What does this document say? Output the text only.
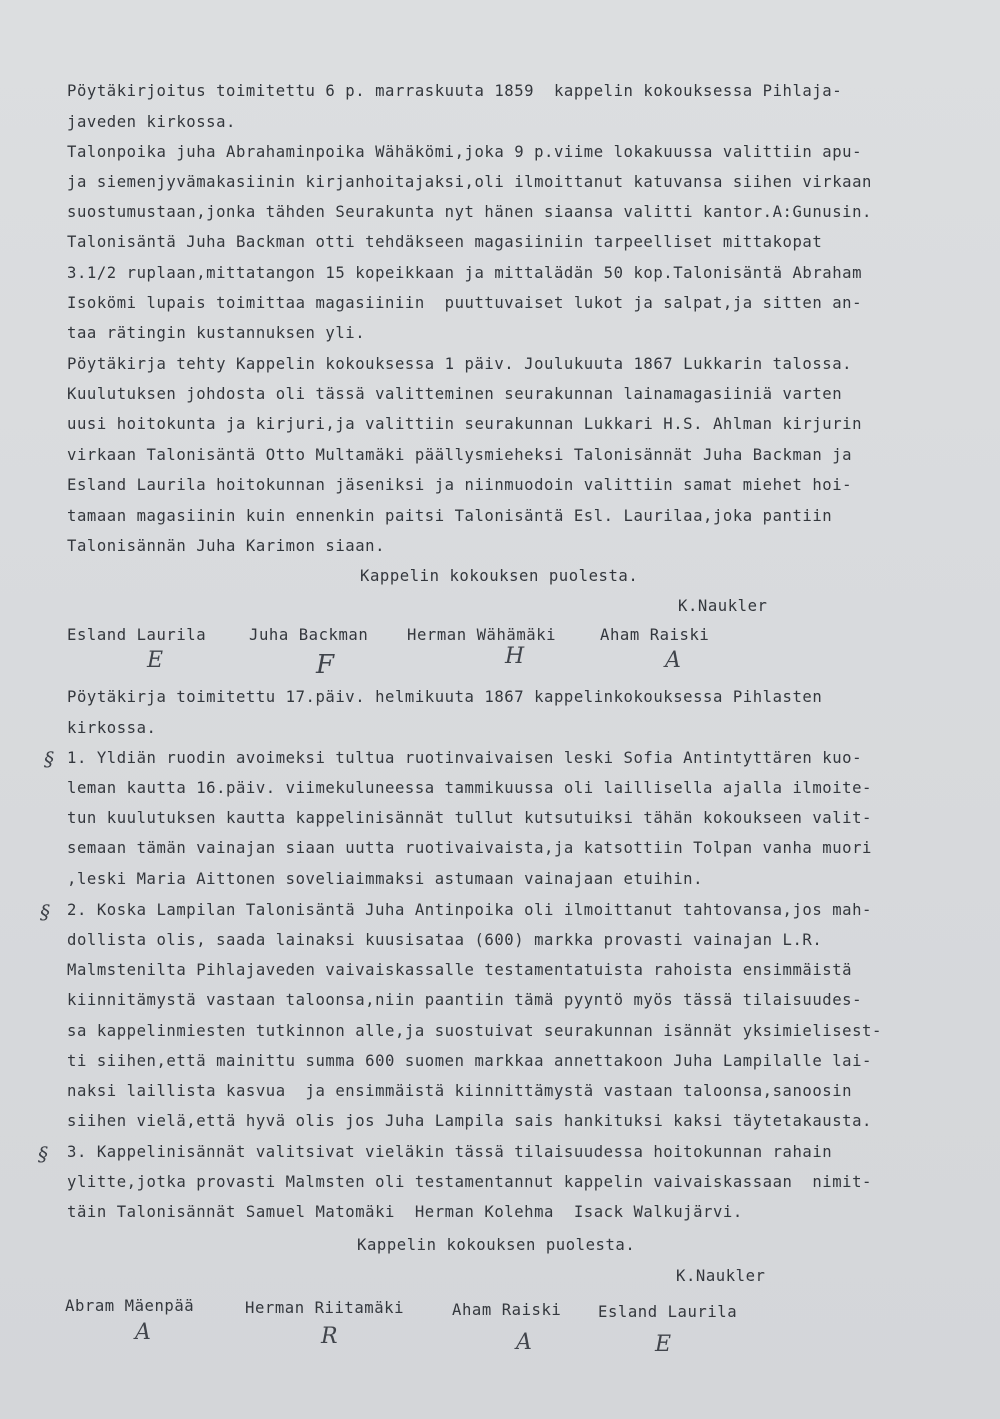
Pöytäkirjoitus toimitettu 6 p. marraskuuta 1859  kappelin kokouksessa Pihlaja-
javeden kirkossa.
Talonpoika juha Abrahaminpoika Wähäkömi,joka 9 p.viime lokakuussa valittiin apu-
ja siemenjyvämakasiinin kirjanhoitajaksi,oli ilmoittanut katuvansa siihen virkaan
suostumustaan,jonka tähden Seurakunta nyt hänen siaansa valitti kantor.A:Gunusin.
Talonisäntä Juha Backman otti tehdäkseen magasiiniin tarpeelliset mittakopat
3.1/2 ruplaan,mittatangon 15 kopeikkaan ja mittalädän 50 kop.Talonisäntä Abraham
Isokömi lupais toimittaa magasiiniin  puuttuvaiset lukot ja salpat,ja sitten an-
taa rätingin kustannuksen yli.
Pöytäkirja tehty Kappelin kokouksessa 1 päiv. Joulukuuta 1867 Lukkarin talossa.
Kuulutuksen johdosta oli tässä valitteminen seurakunnan lainamagasiiniä varten
uusi hoitokunta ja kirjuri,ja valittiin seurakunnan Lukkari H.S. Ahlman kirjurin
virkaan Talonisäntä Otto Multamäki päällysmieheksi Talonisännät Juha Backman ja
Esland Laurila hoitokunnan jäseniksi ja niinmuodoin valittiin samat miehet hoi-
tamaan magasiinin kuin ennenkin paitsi Talonisäntä Esl. Laurilaa,joka pantiin
Talonisännän Juha Karimon siaan.
Kappelin kokouksen puolesta.
K.Naukler
Esland Laurila	Juha Backman Herman Wähämäki	Aham Raiski
E	F	H	A
Pöytäkirja toimitettu 17.päiv. helmikuuta 1867 kappelinkokouksessa Pihlasten
kirkossa.
§ 1. Yldiän ruodin avoimeksi tultua ruotinvaivaisen leski Sofia Antintyttären kuo-
leman kautta 16.päiv. viimekuluneessa tammikuussa oli laillisella ajalla ilmoite-
tun kuulutuksen kautta kappelinisännät tullut kutsutuiksi tähän kokoukseen valit-
semaan tämän vainajan siaan uutta ruotivaivaista,ja katsottiin Tolpan vanha muori
,leski Maria Aittonen soveliaimmaksi astumaan vainajaan etuihin.
§ 2. Koska Lampilan Talonisäntä Juha Antinpoika oli ilmoittanut tahtovansa,jos mah-
dollista olis, saada lainaksi kuusisataa (600) markka provasti vainajan L.R.
Malmstenilta Pihlajaveden vaivaiskassalle testamentatuista rahoista ensimmäistä
kiinnitämystä vastaan taloonsa,niin paantiin tämä pyyntö myös tässä tilaisuudes-
sa kappelinmiesten tutkinnon alle,ja suostuivat seurakunnan isännät yksimielisest-
ti siihen,että mainittu summa 600 suomen markkaa annettakoon Juha Lampilalle lai-
naksi laillista kasvua  ja ensimmäistä kiinnittämystä vastaan taloonsa,sanoosin
siihen vielä,että hyvä olis jos Juha Lampila sais hankituksi kaksi täytetakausta.
§ 3. Kappelinisännät valitsivat vieläkin tässä tilaisuudessa hoitokunnan rahain
ylitte,jotka provasti Malmsten oli testamentannut kappelin vaivaiskassaan  nimit-
täin Talonisännät Samuel Matomäki  Herman Kolehma  Isack Walkujärvi.
Kappelin kokouksen puolesta.
K.Naukler
Abram Mäenpää	Herman Riitamäki	Aham Raiski Esland Laurila
A	R	A	E
